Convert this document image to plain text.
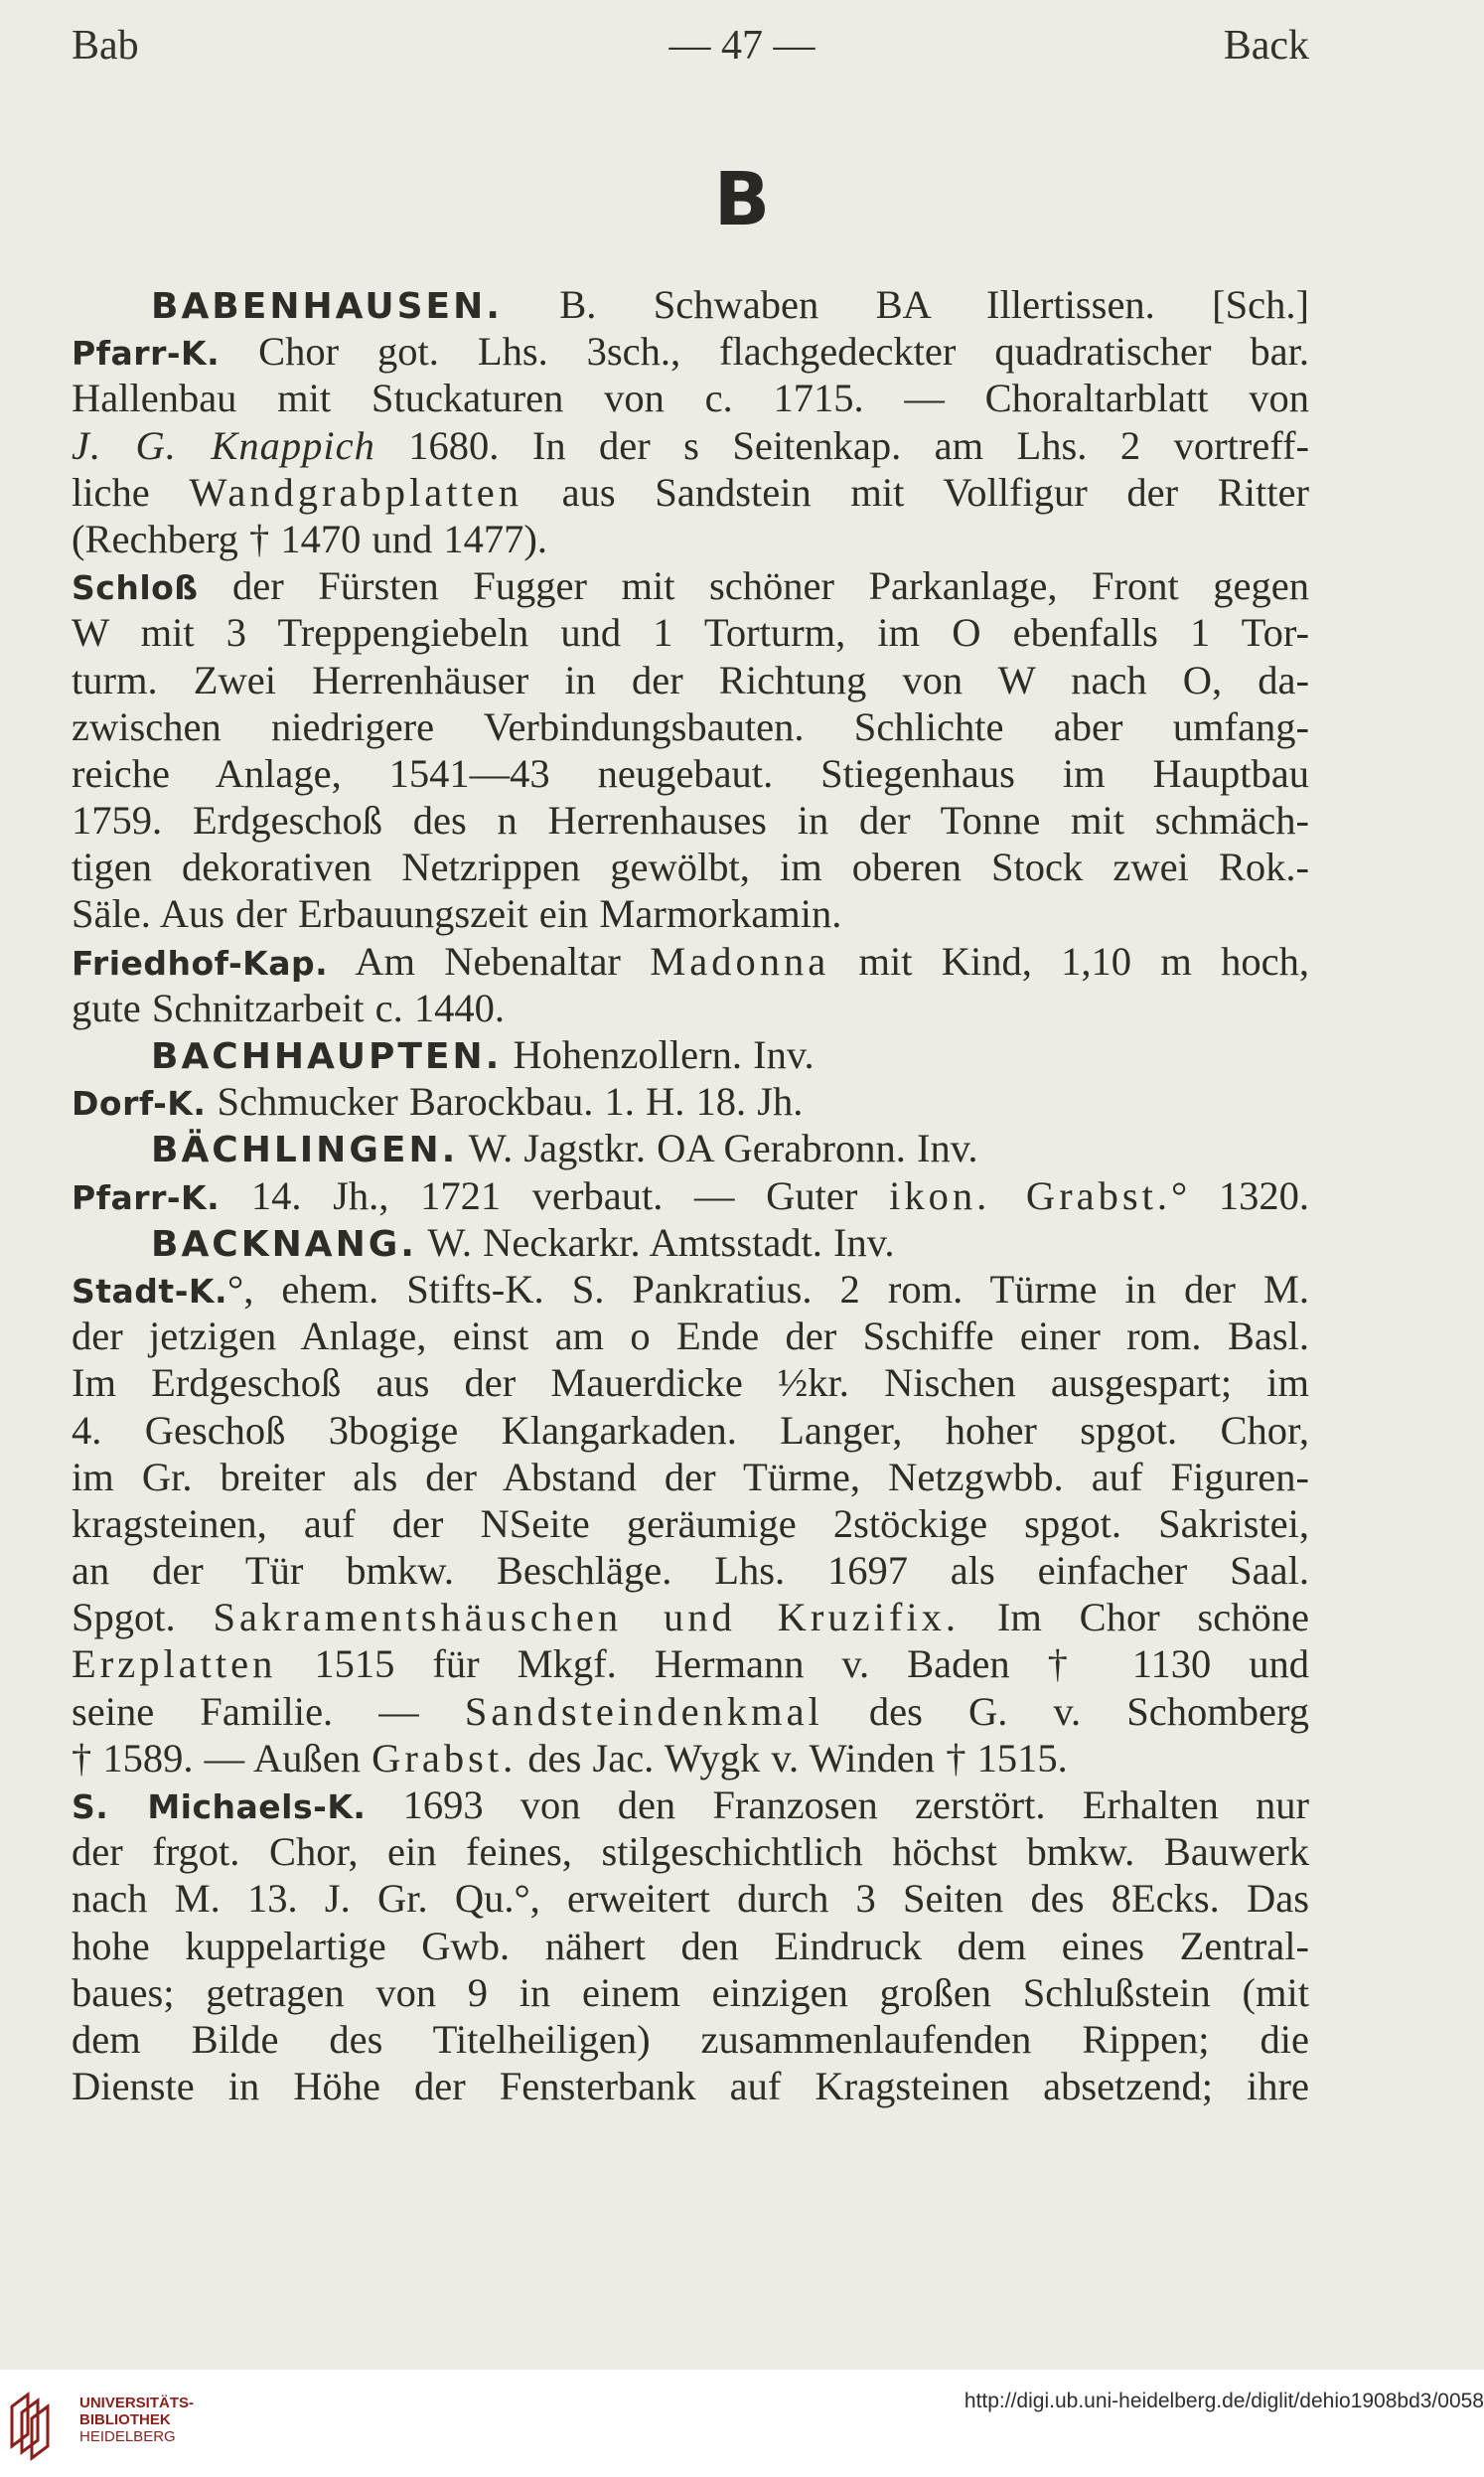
Bab	— 47 —	Back
B
BABENHAUSEN. B. Schwaben BA Illertissen. [Sch.]
Pfarr-K. Chor got. Lhs. 3sch., flachgedeckter quadratischer bar.
Hallenbau mit Stuckaturen von c. 1715. — Choraltarblatt von
J. G. Knappich 1680. In der s Seitenkap. am Lhs. 2 vortreff-
liche Wandgrabplatten aus Sandstein mit Vollfigur der Ritter
(Rechberg † 1470 und 1477).
Schloß der Fürsten Fugger mit schöner Parkanlage, Front gegen
W mit 3 Treppengiebeln und 1 Torturm, im O ebenfalls 1 Tor-
turm. Zwei Herrenhäuser in der Richtung von W nach O, da-
zwischen niedrigere Verbindungsbauten. Schlichte aber umfang-
reiche Anlage, 1541—43 neugebaut. Stiegenhaus im Hauptbau
1759. Erdgeschoß des n Herrenhauses in der Tonne mit schmäch-
tigen dekorativen Netzrippen gewölbt, im oberen Stock zwei Rok.-
Säle. Aus der Erbauungszeit ein Marmorkamin.
Friedhof-Kap. Am Nebenaltar Madonna mit Kind, 1,10 m hoch,
gute Schnitzarbeit c. 1440.
BACHHAUPTEN. Hohenzollern. Inv.
Dorf-K. Schmucker Barockbau. 1. H. 18. Jh.
BÄCHLINGEN. W. Jagstkr. OA Gerabronn. Inv.
Pfarr-K. 14. Jh., 1721 verbaut. — Guter ikon. Grabst.° 1320.
BACKNANG. W. Neckarkr. Amtsstadt. Inv.
Stadt-K.°, ehem. Stifts-K. S. Pankratius. 2 rom. Türme in der M.
der jetzigen Anlage, einst am o Ende der Sschiffe einer rom. Basl.
Im Erdgeschoß aus der Mauerdicke ½kr. Nischen ausgespart; im
4. Geschoß 3bogige Klangarkaden. Langer, hoher spgot. Chor,
im Gr. breiter als der Abstand der Türme, Netzgwbb. auf Figuren-
kragsteinen, auf der NSeite geräumige 2stöckige spgot. Sakristei,
an der Tür bmkw. Beschläge. Lhs. 1697 als einfacher Saal.
Spgot. Sakramentshäuschen und Kruzifix. Im Chor schöne
Erzplatten 1515 für Mkgf. Hermann v. Baden † 1130 und
seine Familie. — Sandsteindenkmal des G. v. Schomberg
† 1589. — Außen Grabst. des Jac. Wygk v. Winden † 1515.
S. Michaels-K. 1693 von den Franzosen zerstört. Erhalten nur
der frgot. Chor, ein feines, stilgeschichtlich höchst bmkw. Bauwerk
nach M. 13. J. Gr. Qu.°, erweitert durch 3 Seiten des 8Ecks. Das
hohe kuppelartige Gwb. nähert den Eindruck dem eines Zentral-
baues; getragen von 9 in einem einzigen großen Schlußstein (mit
dem Bilde des Titelheiligen) zusammenlaufenden Rippen; die
Dienste in Höhe der Fensterbank auf Kragsteinen absetzend; ihre
UNIVERSITÄTS-
BIBLIOTHEK
HEIDELBERG
http://digi.ub.uni-heidelberg.de/diglit/dehio1908bd3/0058
